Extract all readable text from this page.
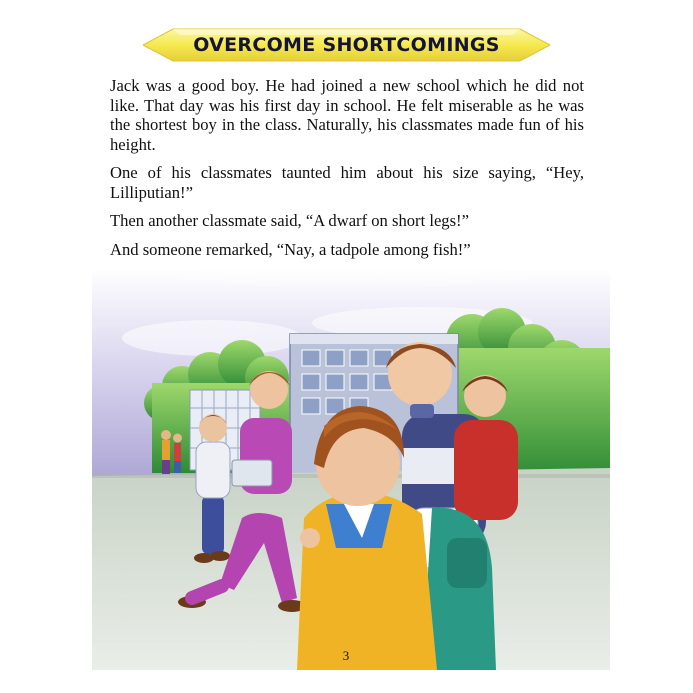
OVERCOME SHORTCOMINGS

Jack was a good boy. He had joined a new school which he did not like. That day was his first day in school. He felt miserable as he was the shortest boy in the class. Naturally, his classmates made fun of his height.

One of his classmates taunted him about his size saying, “Hey, Lilliputian!”

Then another classmate said, “A dwarf on short legs!”

And someone remarked, “Nay, a tadpole among fish!”

3
